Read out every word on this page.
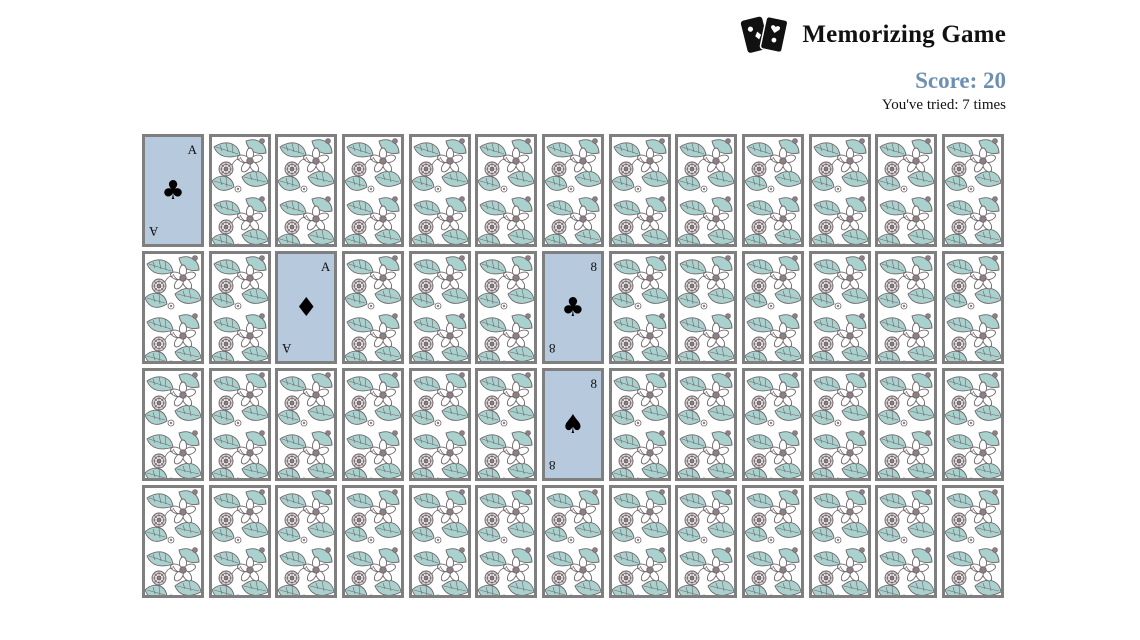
Memorizing Game
Score: 20
You've tried: 7 times
A
♣
A
A
♦
A
8
♣
8
8
♠
8
